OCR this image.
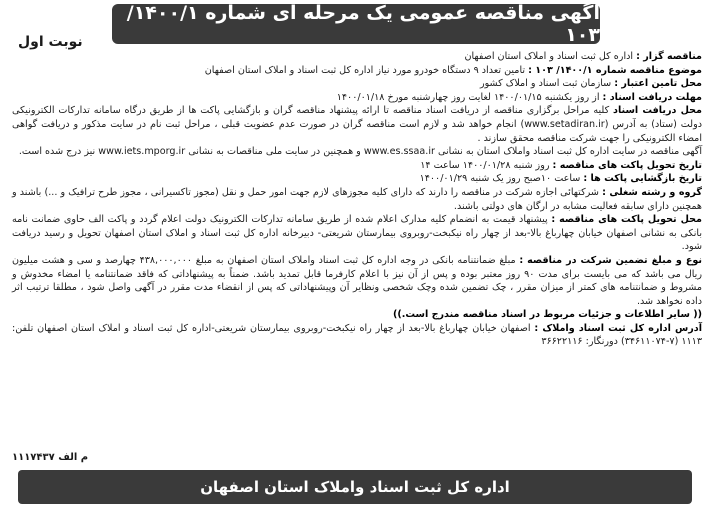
آگهی مناقصه عمومی یک مرحله ای شماره ۱۴۰۰/۱/ ۱۰۳
نوبت اول

مناقصه گزار : اداره کل ثبت اسناد و املاک استان اصفهان

موضوع مناقصه شماره ۱۴۰۰/۱/ ۱۰۳ : تامین تعداد ۹ دستگاه خودرو مورد نیاز اداره کل ثبت اسناد و املاک استان اصفهان

محل تامین اعتبار : سازمان ثبت اسناد و املاک کشور

مهلت دریافت اسناد : از روز یکشنبه ۱۴۰۰/۰۱/۱۵ لغایت روز چهارشنبه مورخ ۱۴۰۰/۰۱/۱۸

محل دریافت اسناد کلیه مراحل برگزاری مناقصه از دریافت اسناد مناقصه تا ارائه پیشنهاد مناقصه گران و بازگشایی پاکت ها از طریق درگاه سامانه تدارکات الکترونیکی دولت (ستاد) به آدرس (www.setadiran.ir) انجام خواهد شد و لازم است مناقصه گران در صورت عدم عضویت قبلی ، مراحل ثبت نام در سایت مذکور و دریافت گواهی امضاء الکترونیکی را جهت شرکت مناقصه محقق سازند .

آگهی مناقصه در سایت اداره کل ثبت اسناد واملاک استان به نشانی www.es.ssaa.ir و همچنین در سایت ملی مناقصات به نشانی www.iets.mporg.ir نیز درج شده است.

تاریخ تحویل پاکت های مناقصه : روز شنبه ۱۴۰۰/۰۱/۲۸ ساعت ۱۴

تاریخ بازگشایی پاکت ها : ساعت ۱۰صبح روز یک شنبه ۱۴۰۰/۰۱/۲۹

گروه و رشته شغلی : شرکتهائی اجازه شرکت در مناقصه را دارند که دارای کلیه مجوزهای لازم جهت امور حمل و نقل (مجوز تاکسیرانی ، مجوز طرح ترافیک و ...) باشند و همچنین دارای سابقه فعالیت مشابه در ارگان های دولتی باشند.

محل تحویل پاکت های مناقصه : پیشنهاد قیمت به انضمام کلیه مدارک اعلام شده از طریق سامانه تدارکات الکترونیک دولت اعلام گردد و پاکت الف حاوی ضمانت نامه بانکی به نشانی اصفهان خیابان چهارباغ بالا-بعد از چهار راه نیکبخت-روبروی بیمارستان شریعتی- دبیرخانه اداره کل ثبت اسناد و املاک استان اصفهان تحویل و رسید دریافت شود.

نوع و مبلغ تضمین شرکت در مناقصه : مبلغ ضمانتنامه بانکی در وجه اداره کل ثبت اسناد واملاک استان اصفهان به مبلغ ۴۳۸,۰۰۰,۰۰۰ چهارصد و سی و هشت میلیون ریال می باشد که می بایست برای مدت ۹۰ روز معتبر بوده و پس از آن نیز با اعلام کارفرما قابل تمدید باشد. ضمناً به پیشنهاداتی که فاقد ضمانتنامه یا امضاء مخدوش و مشروط و ضمانتنامه های کمتر از میزان مقرر ، چک تضمین شده وچک شخصی ونظایر آن وپیشنهاداتی که پس از انقضاء مدت مقرر در آگهی واصل شود ، مطلقا ترتیب اثر داده نخواهد شد.

(( سایر اطلاعات و جزئیات مربوط در اسناد مناقصه مندرج است.))

آدرس اداره کل ثبت اسناد واملاک : اصفهان خیابان چهارباغ بالا-بعد از چهار راه نیکبخت-روبروی بیمارستان شریعتی-اداره کل ثبت اسناد و املاک استان اصفهان تلفن: ۱۱۱۳ (۷-۳۴۶۱۱۰۷۴) دورنگار: ۳۶۶۲۲۱۱۶

م الف ۱۱۱۷۴۳۷
اداره کل ثبت اسناد واملاک استان اصفهان
